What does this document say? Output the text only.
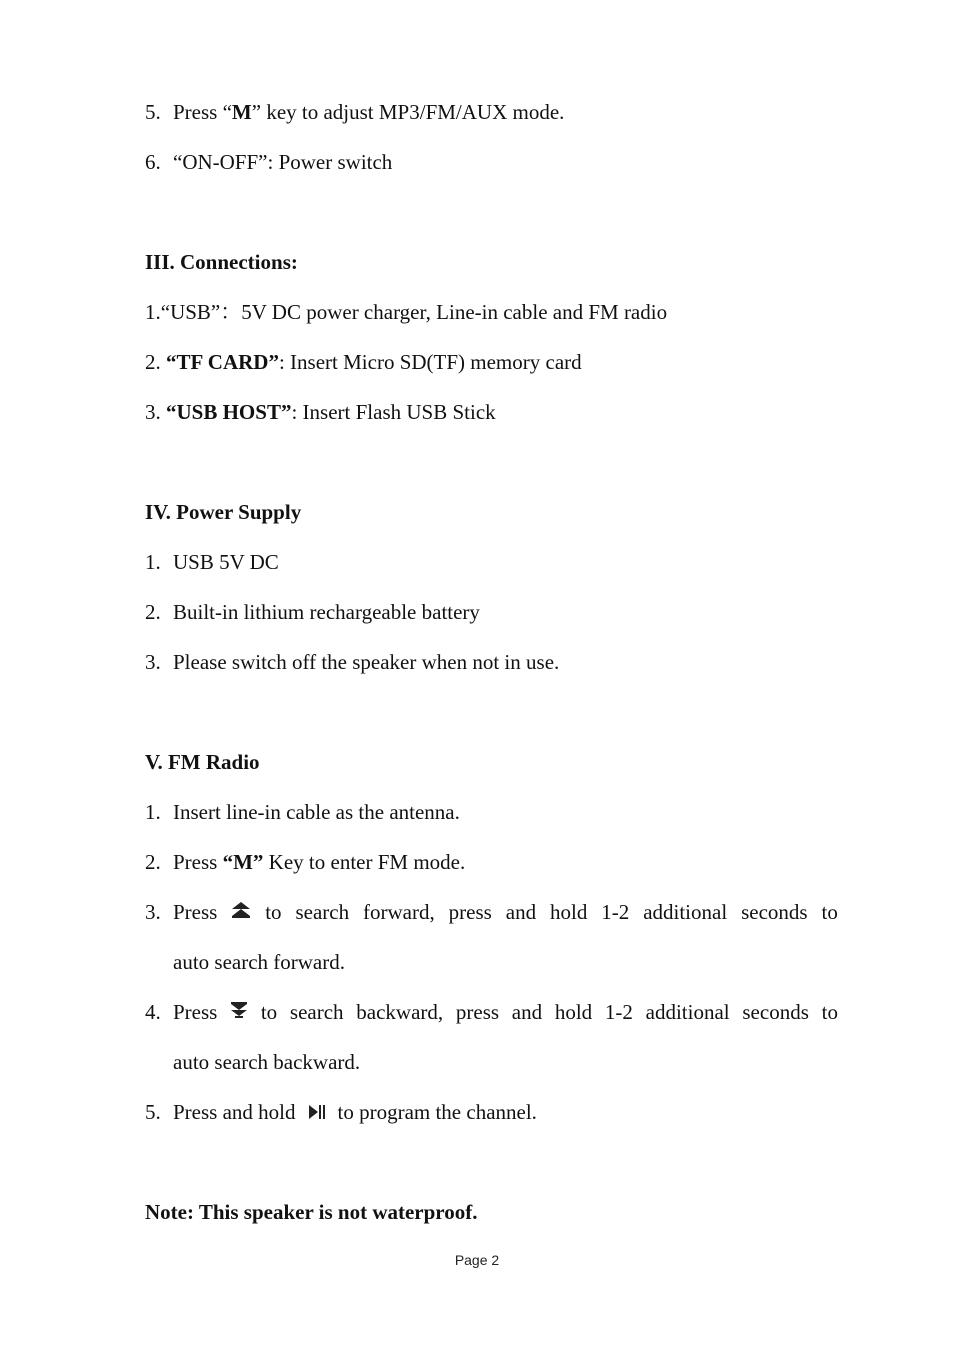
5. Press “M” key to adjust MP3/FM/AUX mode.
6. “ON-OFF”: Power switch
III. Connections:
1.“USB”：5V DC power charger, Line-in cable and FM radio
2. “TF CARD”: Insert Micro SD(TF) memory card
3. “USB HOST”: Insert Flash USB Stick
IV. Power Supply
1. USB 5V DC
2. Built-in lithium rechargeable battery
3. Please switch off the speaker when not in use.
V. FM Radio
1. Insert line-in cable as the antenna.
2. Press “M” Key to enter FM mode.
3. Press to search forward, press and hold 1-2 additional seconds to
auto search forward.
4. Press to search backward, press and hold 1-2 additional seconds to
auto search backward.
5. Press and hold to program the channel.
Note: This speaker is not waterproof.
Page 2
